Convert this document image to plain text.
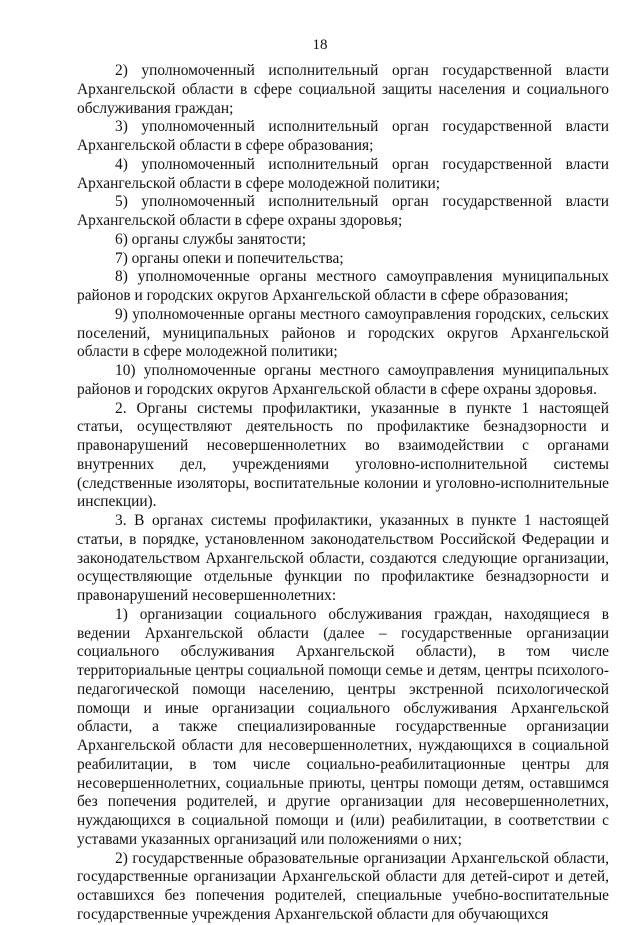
18

2) уполномоченный исполнительный орган государственной власти Архангельской области в сфере социальной защиты населения и социального обслуживания граждан;

3) уполномоченный исполнительный орган государственной власти Архангельской области в сфере образования;

4) уполномоченный исполнительный орган государственной власти Архангельской области в сфере молодежной политики;

5) уполномоченный исполнительный орган государственной власти Архангельской области в сфере охраны здоровья;

6) органы службы занятости;

7) органы опеки и попечительства;

8) уполномоченные органы местного самоуправления муниципальных районов и городских округов Архангельской области в сфере образования;

9) уполномоченные органы местного самоуправления городских, сельских поселений, муниципальных районов и городских округов Архангельской области в сфере молодежной политики;

10) уполномоченные органы местного самоуправления муниципальных районов и городских округов Архангельской области в сфере охраны здоровья.

2. Органы системы профилактики, указанные в пункте 1 настоящей статьи, осуществляют деятельность по профилактике безнадзорности и правонарушений несовершеннолетних во взаимодействии с органами внутренних дел, учреждениями уголовно-исполнительной системы (следственные изоляторы, воспитательные колонии и уголовно-исполнительные инспекции).

3. В органах системы профилактики, указанных в пункте 1 настоящей статьи, в порядке, установленном законодательством Российской Федерации и законодательством Архангельской области, создаются следующие организации, осуществляющие отдельные функции по профилактике безнадзорности и правонарушений несовершеннолетних:

1) организации социального обслуживания граждан, находящиеся в ведении Архангельской области (далее – государственные организации социального обслуживания Архангельской области), в том числе территориальные центры социальной помощи семье и детям, центры психолого-педагогической помощи населению, центры экстренной психологической помощи и иные организации социального обслуживания Архангельской области, а также специализированные государственные организации Архангельской области для несовершеннолетних, нуждающихся в социальной реабилитации, в том числе социально-реабилитационные центры для несовершеннолетних, социальные приюты, центры помощи детям, оставшимся без попечения родителей, и другие организации для несовершеннолетних, нуждающихся в социальной помощи и (или) реабилитации, в соответствии с уставами указанных организаций или положениями о них;

2) государственные образовательные организации Архангельской области, государственные организации Архангельской области для детей-сирот и детей, оставшихся без попечения родителей, специальные учебно-воспитательные государственные учреждения Архангельской области для обучающихся
